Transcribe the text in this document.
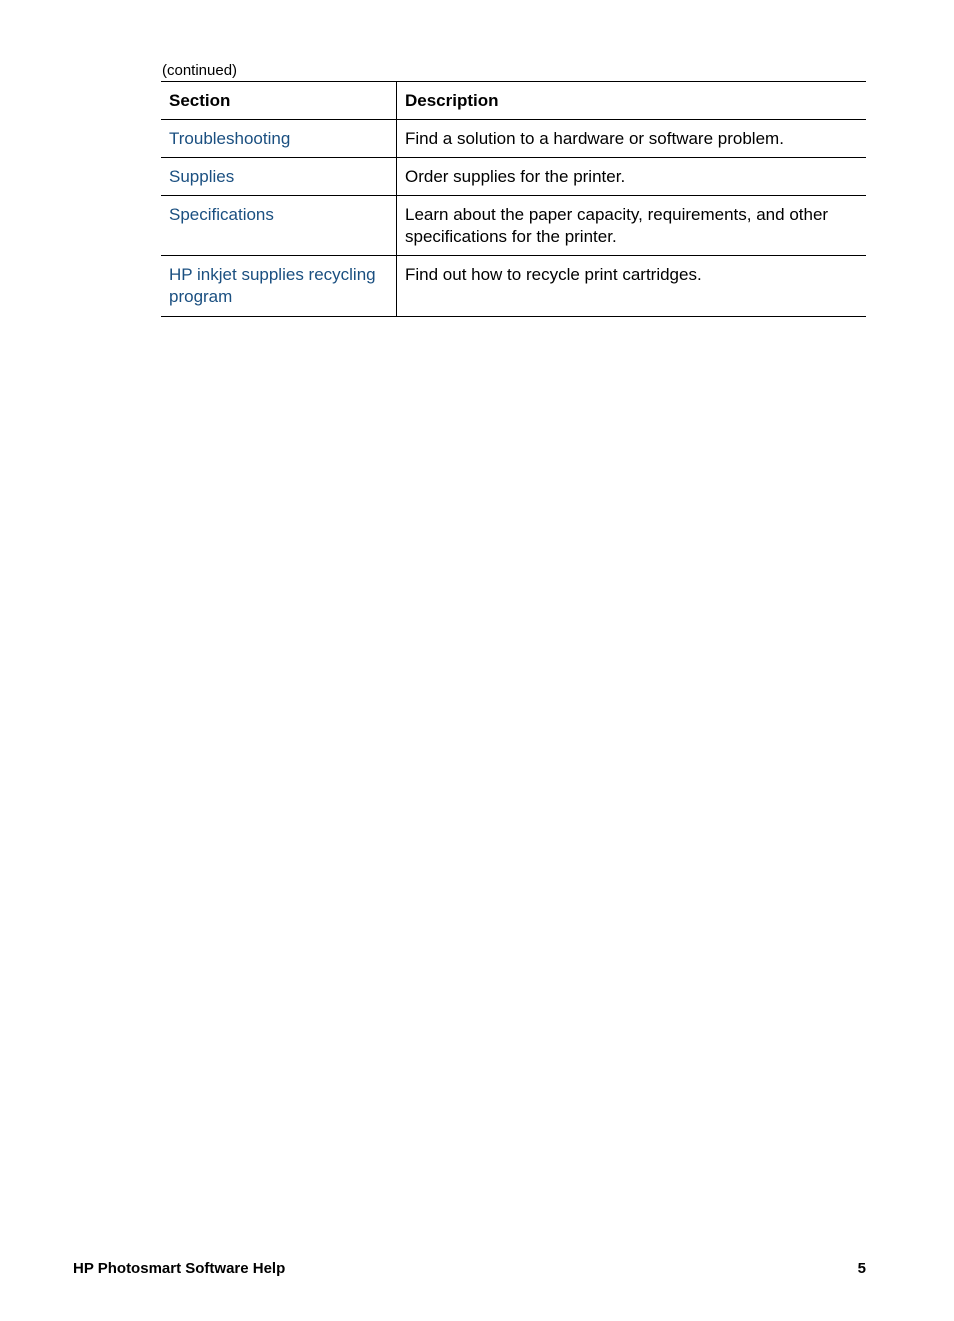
(continued)
Section	Description
Troubleshooting	Find a solution to a hardware or software problem.
Supplies	Order supplies for the printer.
Specifications	Learn about the paper capacity, requirements, and other specifications for the printer.
HP inkjet supplies recycling program	Find out how to recycle print cartridges.
HP Photosmart Software Help	5
